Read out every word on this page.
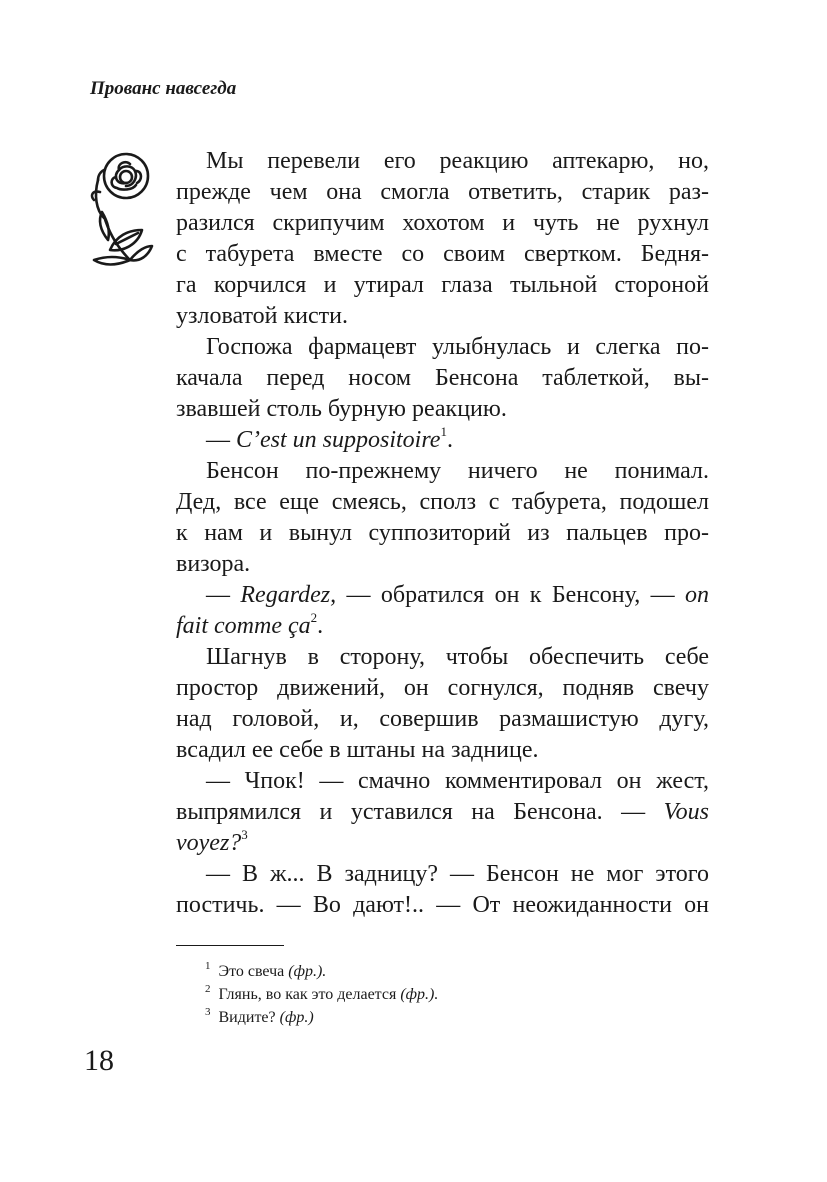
Прованс навсегда
Мы перевели его реакцию аптекарю, но,
прежде чем она смогла ответить, старик раз-
разился скрипучим хохотом и чуть не рухнул
с табурета вместе со своим свертком. Бедня-
га корчился и утирал глаза тыльной стороной
узловатой кисти.
Госпожа фармацевт улыбнулась и слегка по-
качала перед носом Бенсона таблеткой, вы-
звавшей столь бурную реакцию.
— C’est un suppositoire$^1$.
Бенсон по-прежнему ничего не понимал.
Дед, все еще смеясь, сполз с табурета, подошел
к нам и вынул суппозиторий из пальцев про-
визора.
— Regardez, — обратился он к Бенсону, — on
fait comme $ça^2$.
Шагнув в сторону, чтобы обеспечить себе
простор движений, он согнулся, подняв свечу
над головой, и, совершив размашистую дугу,
всадил ее себе в штаны на заднице.
— Чпок! — смачно комментировал он жест,
выпрямился и уставился на Бенсона. — Vous
voyez?$^3$
— В ж... В задницу? — Бенсон не мог этого
постичь. — Во дают!.. — От неожиданности он
$^1$ Это свеча (фр.).
$^2$ Глянь, во как это делается (фр.).
$^3$ Видите? (фр.)
18
